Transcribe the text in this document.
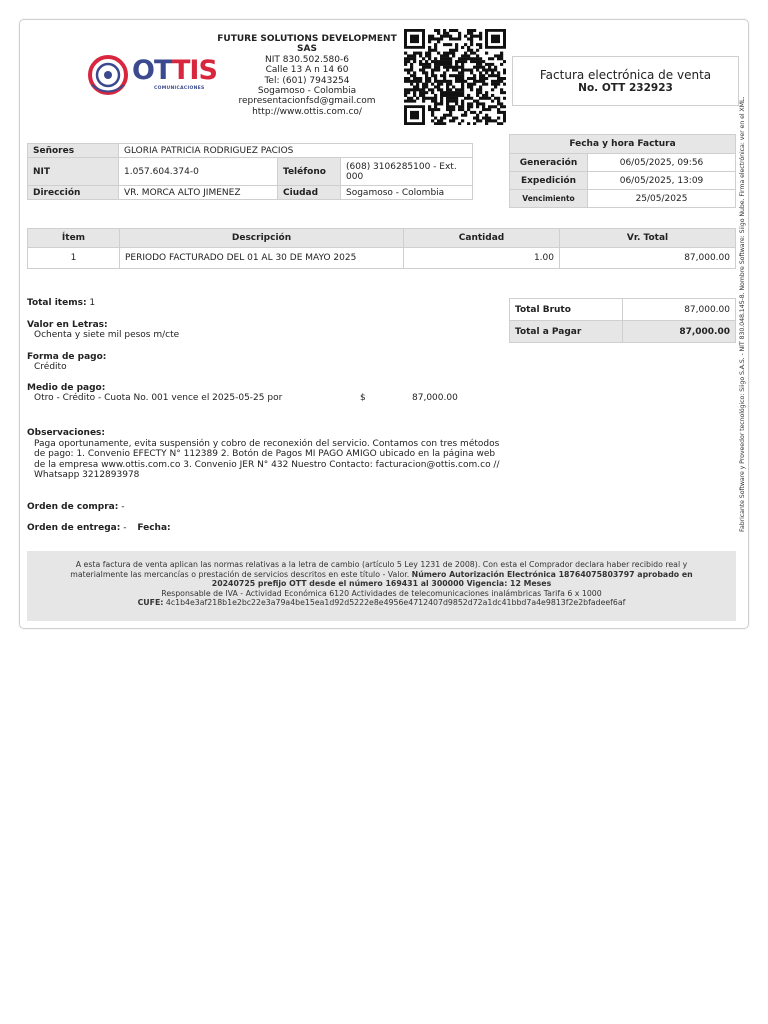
OTTIS
COMUNICACIONES
FUTURE SOLUTIONS DEVELOPMENT SAS
NIT 830.502.580-6
Calle 13 A n 14 60
Tel: (601) 7943254
Sogamoso - Colombia
representacionfsd@gmail.com
http://www.ottis.com.co/
Factura electrónica de venta
No. OTT 232923
Señores	GLORIA PATRICIA RODRIGUEZ PACIOS		
NIT	1.057.604.374-0	Teléfono	(608) 3106285100 - Ext. 000
Dirección	VR. MORCA ALTO JIMENEZ	Ciudad	Sogamoso - Colombia
Fecha y hora Factura	
Generación	06/05/2025, 09:56
Expedición	06/05/2025, 13:09
Vencimiento	25/05/2025
Ítem	Descripción	Cantidad	Vr. Total
1	PERIODO FACTURADO DEL 01 AL 30 DE MAYO 2025	1.00	87,000.00
Total Bruto	87,000.00
Total a Pagar	87,000.00
Total items: 1
Valor en Letras:
Ochenta y siete mil pesos m/cte
Forma de pago:
Crédito
Medio de pago:
Otro - Crédito - Cuota No. 001 vence el 2025-05-25 por	$	87,000.00
Observaciones:
Paga oportunamente, evita suspensión y cobro de reconexión del servicio. Contamos con tres métodos de pago: 1. Convenio EFECTY N° 112389 2. Botón de Pagos MI PAGO AMIGO ubicado en la página web de la empresa www.ottis.com.co 3. Convenio JER N° 432 Nuestro Contacto: facturacion@ottis.com.co // Whatsapp 3212893978
Orden de compra: -
Orden de entrega: - Fecha:
A esta factura de venta aplican las normas relativas a la letra de cambio (artículo 5 Ley 1231 de 2008). Con esta el Comprador declara haber recibido real y materialmente las mercancías o prestación de servicios descritos en este título - Valor. Número Autorización Electrónica 18764075803797 aprobado en 20240725 prefijo OTT desde el número 169431 al 300000 Vigencia: 12 Meses
Responsable de IVA - Actividad Económica 6120 Actividades de telecomunicaciones inalámbricas Tarifa 6 x 1000
CUFE: 4c1b4e3af218b1e2bc22e3a79a4be15ea1d92d5222e8e4956e4712407d9852d72a1dc41bbd7a4e9813f2e2bfadeef6af
Fabricante Software y Proveedor tecnológico: Siigo S.A.S. - NIT 830.048.145-8. Nombre Software: Siigo Nube. Firma electrónica: ver en el XML.
